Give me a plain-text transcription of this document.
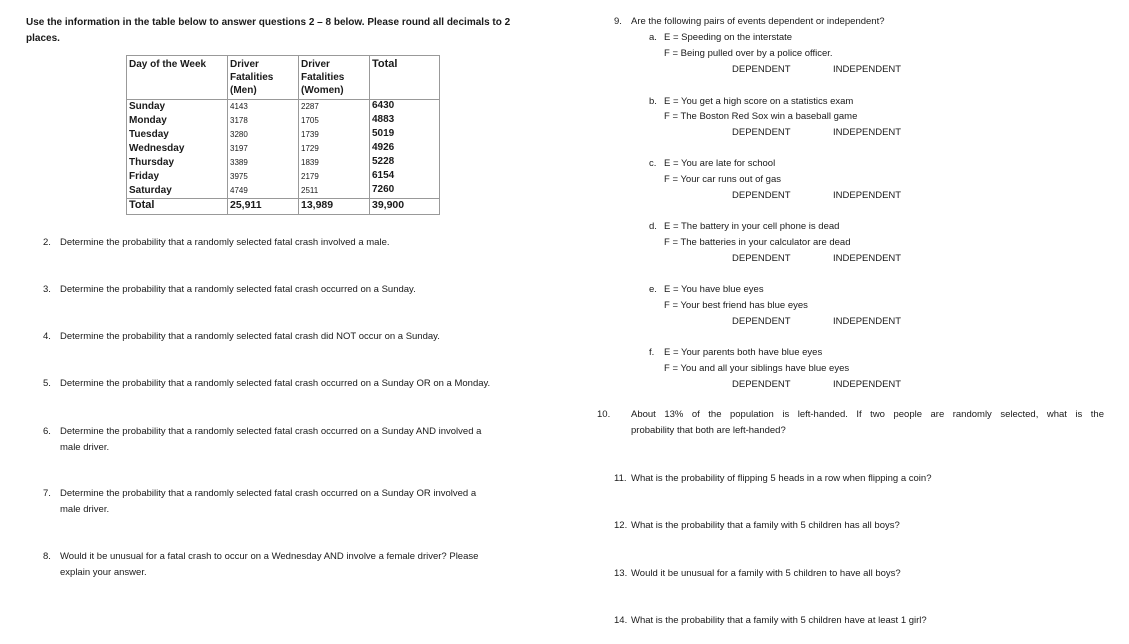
Use the information in the table below to answer questions 2 – 8 below. Please round all decimals to 2 places.
Day of the Week	Driver Fatalities (Men)	Driver Fatalities (Women)	Total
Sunday	4143	2287	6430
Monday	3178	1705	4883
Tuesday	3280	1739	5019
Wednesday	3197	1729	4926
Thursday	3389	1839	5228
Friday	3975	2179	6154
Saturday	4749	2511	7260
Total	25,911	13,989	39,900
2. Determine the probability that a randomly selected fatal crash involved a male.
3. Determine the probability that a randomly selected fatal crash occurred on a Sunday.
4. Determine the probability that a randomly selected fatal crash did NOT occur on a Sunday.
5. Determine the probability that a randomly selected fatal crash occurred on a Sunday OR on a Monday.
6. Determine the probability that a randomly selected fatal crash occurred on a Sunday AND involved a
male driver.
7. Determine the probability that a randomly selected fatal crash occurred on a Sunday OR involved a
male driver.
8. Would it be unusual for a fatal crash to occur on a Wednesday AND involve a female driver? Please
explain your answer.
9. Are the following pairs of events dependent or independent?
a. E = Speeding on the interstate
F = Being pulled over by a police officer.
DEPENDENT	INDEPENDENT
b. E = You get a high score on a statistics exam
F = The Boston Red Sox win a baseball game
DEPENDENT	INDEPENDENT
c. E = You are late for school
F = Your car runs out of gas
DEPENDENT	INDEPENDENT
d. E = The battery in your cell phone is dead
F = The batteries in your calculator are dead
DEPENDENT	INDEPENDENT
e. E = You have blue eyes
F = Your best friend has blue eyes
DEPENDENT	INDEPENDENT
f. E = Your parents both have blue eyes
F = You and all your siblings have blue eyes
DEPENDENT	INDEPENDENT
10. About 13% of the population is left-handed. If two people are randomly selected, what is the
probability that both are left-handed?
11. What is the probability of flipping 5 heads in a row when flipping a coin?
12. What is the probability that a family with 5 children has all boys?
13. Would it be unusual for a family with 5 children to have all boys?
14. What is the probability that a family with 5 children have at least 1 girl?
